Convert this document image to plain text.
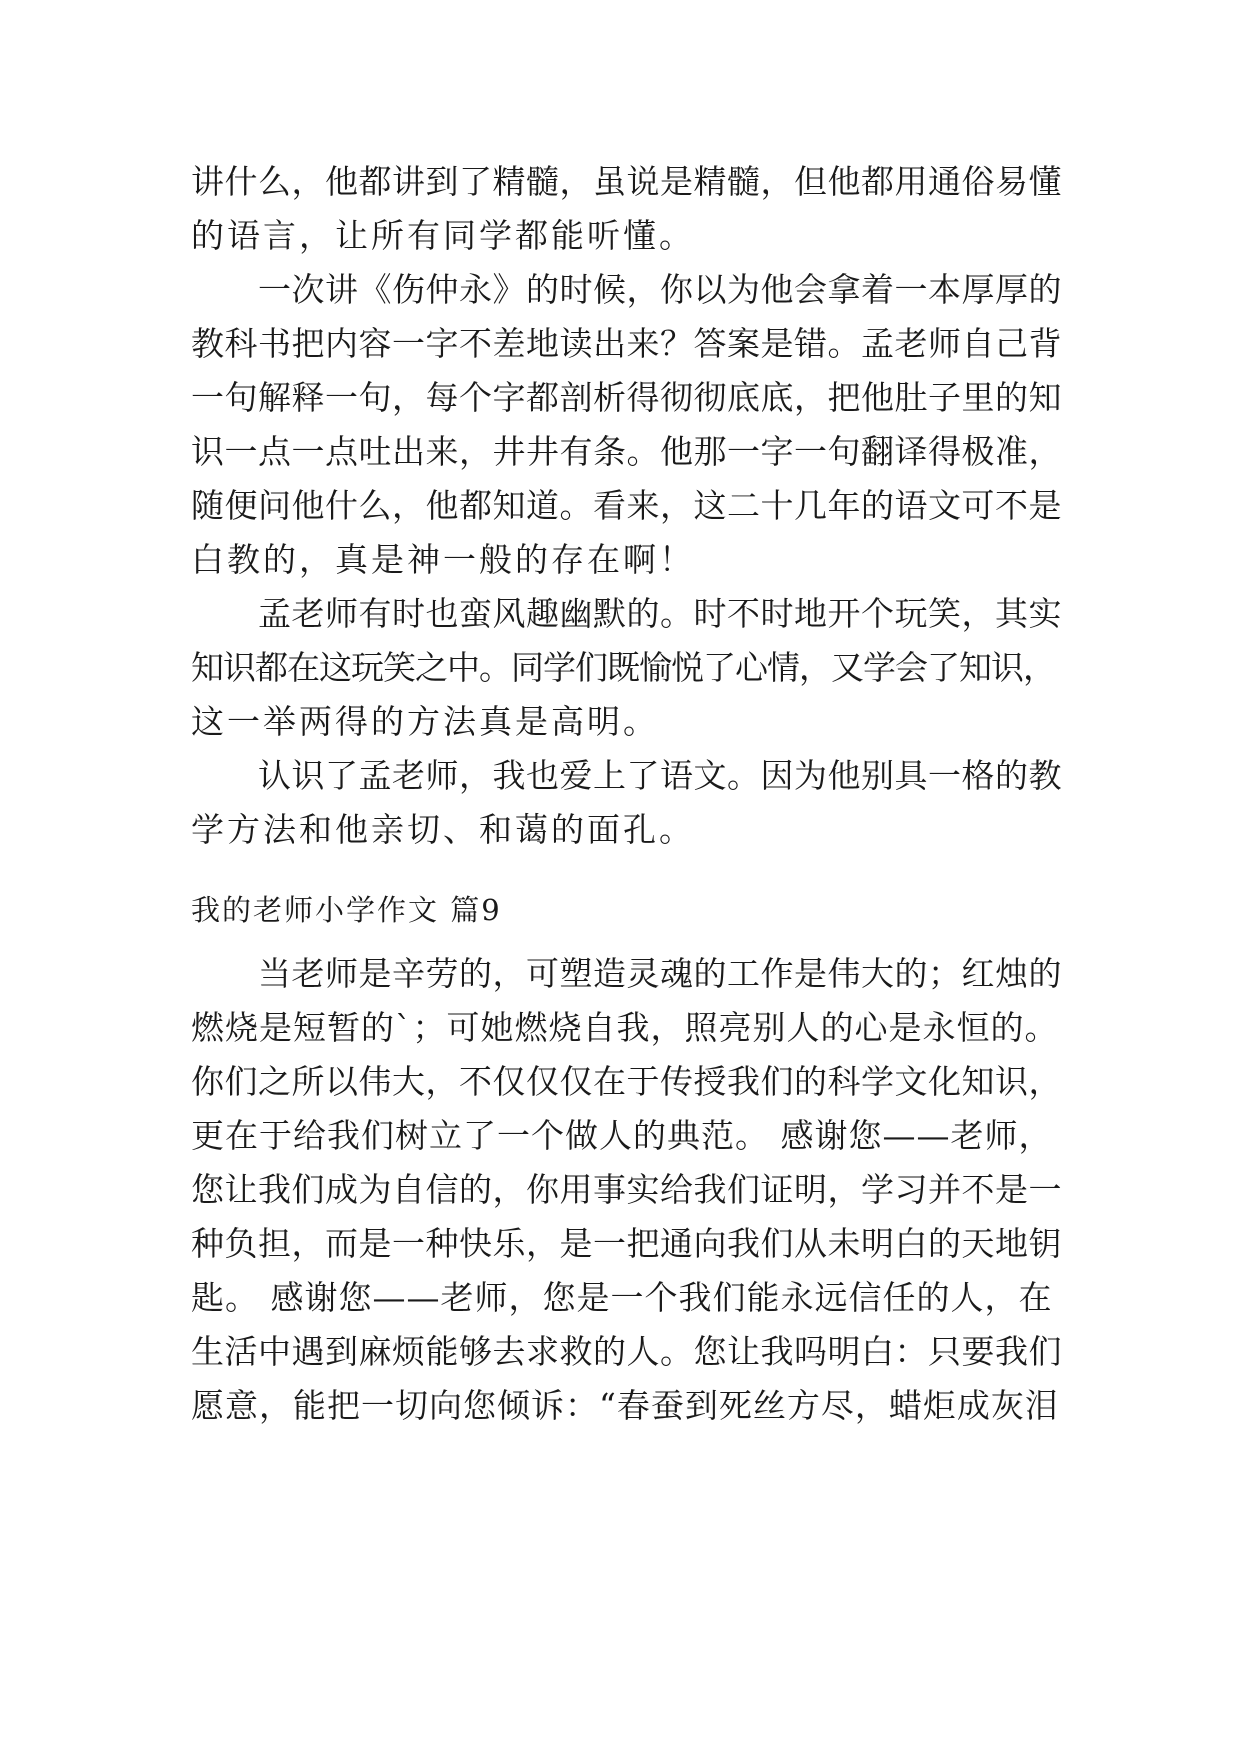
讲什么，他都讲到了精髓，虽说是精髓，但他都用通俗易懂
的语言，让所有同学都能听懂。
　　一次讲《伤仲永》的时候，你以为他会拿着一本厚厚的
教科书把内容一字不差地读出来？答案是错。孟老师自己背
一句解释一句，每个字都剖析得彻彻底底，把他肚子里的知
识一点一点吐出来，井井有条。他那一字一句翻译得极准，
随便问他什么，他都知道。看来，这二十几年的语文可不是
白教的，真是神一般的存在啊！
　　孟老师有时也蛮风趣幽默的。时不时地开个玩笑，其实
知识都在这玩笑之中。同学们既愉悦了心情，又学会了知识，
这一举两得的方法真是高明。
　　认识了孟老师，我也爱上了语文。因为他别具一格的教
学方法和他亲切、和蔼的面孔。
我的老师小学作文 篇9
　　当老师是辛劳的，可塑造灵魂的工作是伟大的；红烛的
燃烧是短暂的`；可她燃烧自我，照亮别人的心是永恒的。
你们之所以伟大，不仅仅仅在于传授我们的科学文化知识，
更在于给我们树立了一个做人的典范。 感谢您——老师，
您让我们成为自信的，你用事实给我们证明，学习并不是一
种负担，而是一种快乐，是一把通向我们从未明白的天地钥
匙。 感谢您——老师，您是一个我们能永远信任的人，在
生活中遇到麻烦能够去求救的人。您让我吗明白：只要我们
愿意，能把一切向您倾诉：“春蚕到死丝方尽，蜡炬成灰泪
